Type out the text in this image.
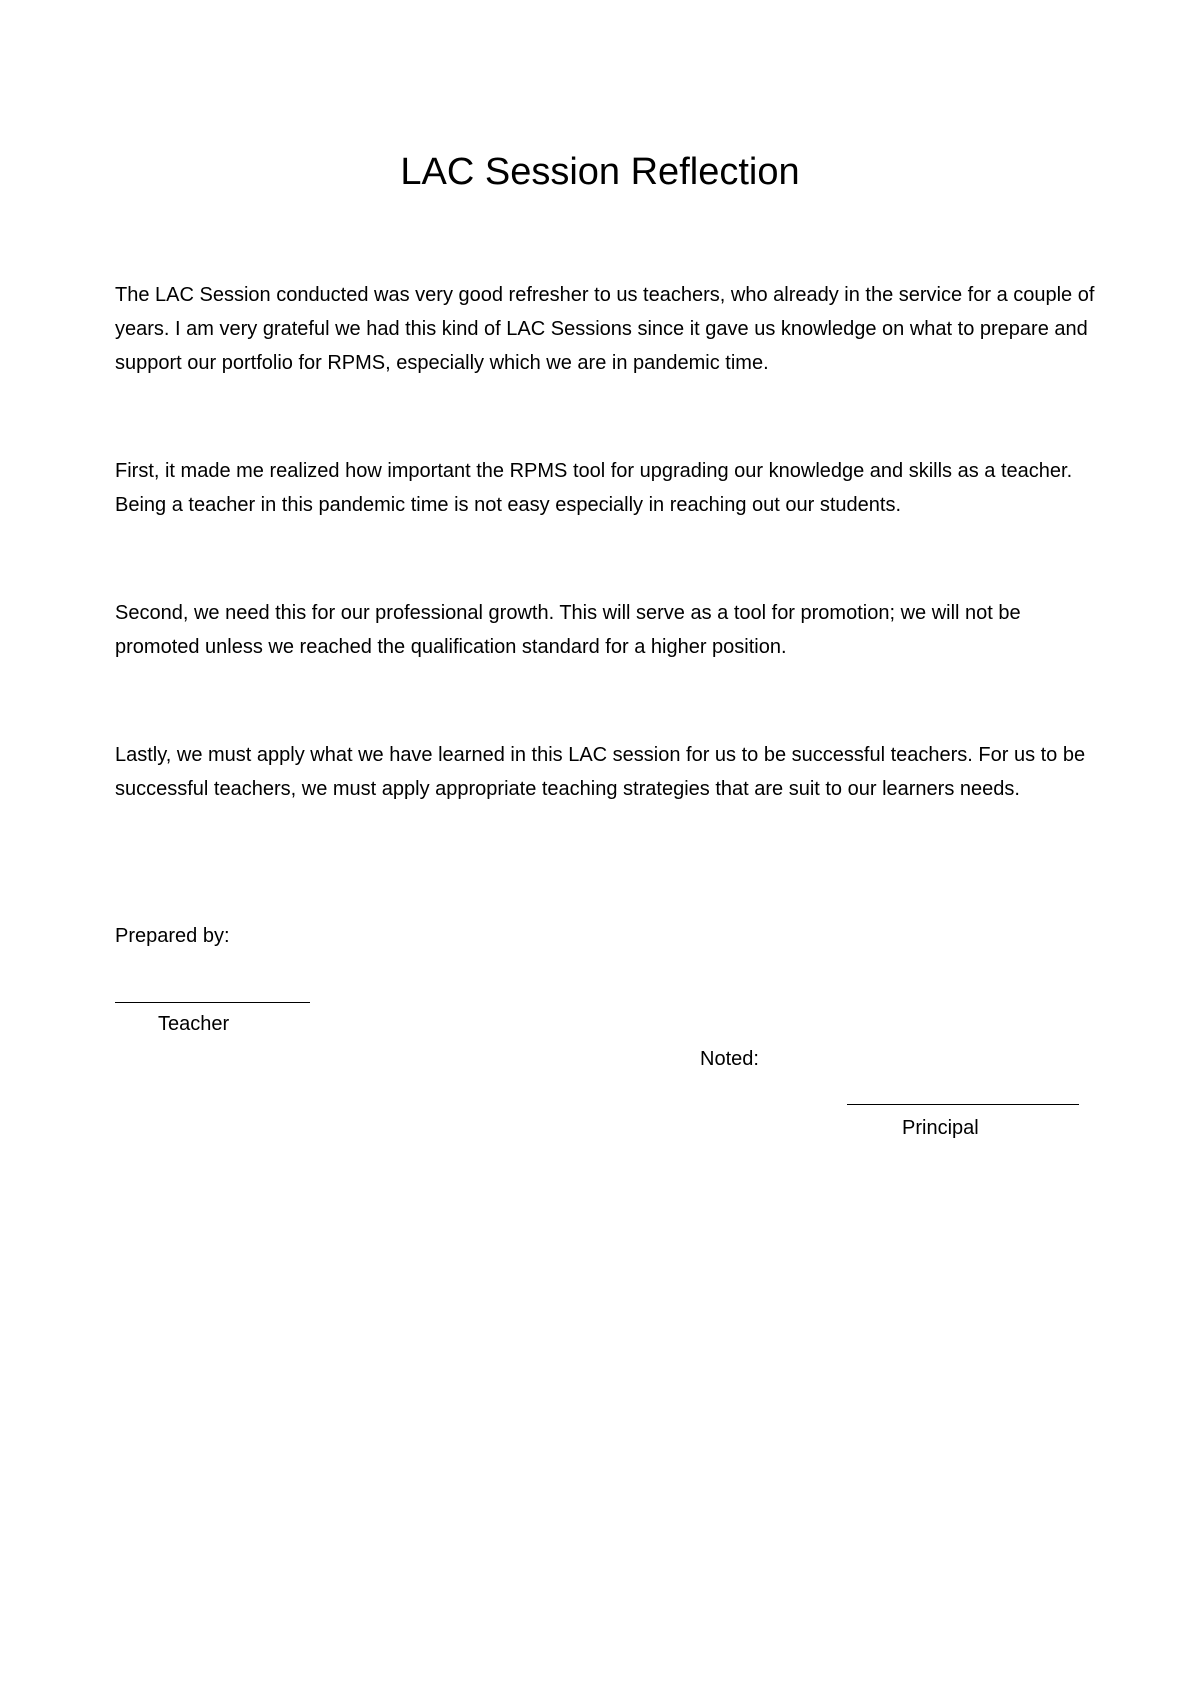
LAC Session Reflection

The LAC Session conducted was very good refresher to us teachers, who already in the service for a couple of years. I am very grateful we had this kind of LAC Sessions since it gave us knowledge on what to prepare and support our portfolio for RPMS, especially which we are in pandemic time.

First, it made me realized how important the RPMS tool for upgrading our knowledge and skills as a teacher. Being a teacher in this pandemic time is not easy especially in reaching out our students.

Second, we need this for our professional growth. This will serve as a tool for promotion; we will not be promoted unless we reached the qualification standard for a higher position.

Lastly, we must apply what we have learned in this LAC session for us to be successful teachers. For us to be successful teachers, we must apply appropriate teaching strategies that are suit to our learners needs.

Prepared by:

Teacher

Noted:

Principal
